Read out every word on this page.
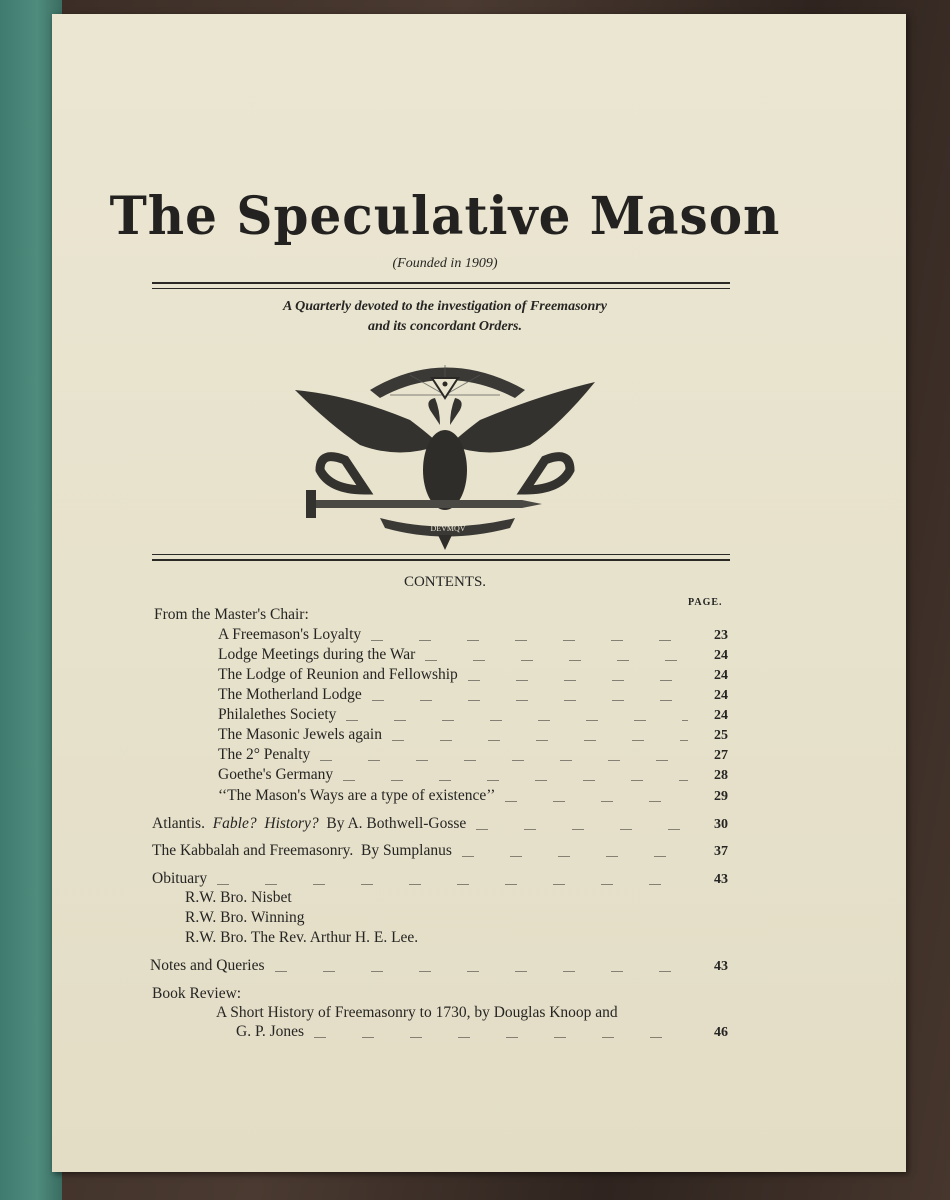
The Speculative Mason
(Founded in 1909)
A Quarterly devoted to the investigation of Freemasonry
and its concordant Orders.
DEVMQV
CONTENTS.
PAGE.
From the Master's Chair:
A Freemason's Loyalty	23
Lodge Meetings during the War	24
The Lodge of Reunion and Fellowship	24
The Motherland Lodge	24
Philalethes Society	24
The Masonic Jewels again	25
The 2° Penalty	27
Goethe's Germany	28
‘‘The Mason's Ways are a type of existence’’	29
Atlantis.
Fable?
History?
By A. Bothwell-Gosse	30
The Kabbalah and Freemasonry.  By Sumplanus	37
Obituary	43
R.W. Bro. Nisbet
R.W. Bro. Winning
R.W. Bro. The Rev. Arthur H. E. Lee.
Notes and Queries	43
Book Review:
A Short History of Freemasonry to 1730, by Douglas Knoop and
G. P. Jones	46
